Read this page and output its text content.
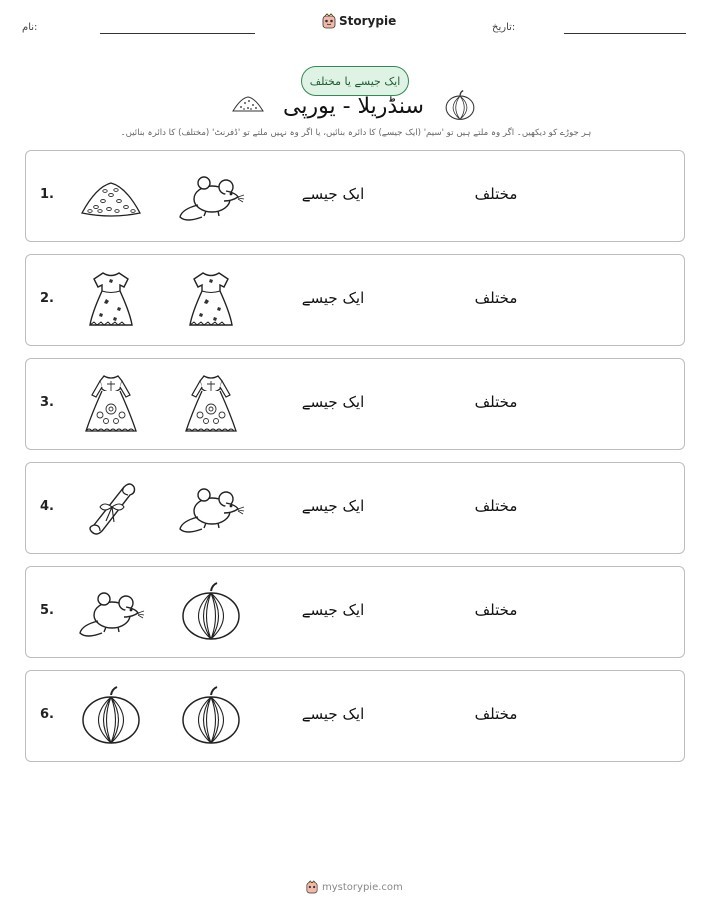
نام:	Storypie	تاریخ:
ایک جیسے یا مختلف
سنڈریلا - یورپی
ہر جوڑے کو دیکھیں۔ اگر وہ ملتے ہیں تو 'سیم' (ایک جیسے) کا دائرہ بنائیں، یا اگر وہ نہیں ملتے تو 'ڈفرنٹ' (مختلف) کا دائرہ بنائیں۔
1.	ایک جیسے	مختلف
2.	ایک جیسے	مختلف
3.	ایک جیسے	مختلف
4.	ایک جیسے	مختلف
5.	ایک جیسے	مختلف
6.	ایک جیسے	مختلف
mystorypie.com
